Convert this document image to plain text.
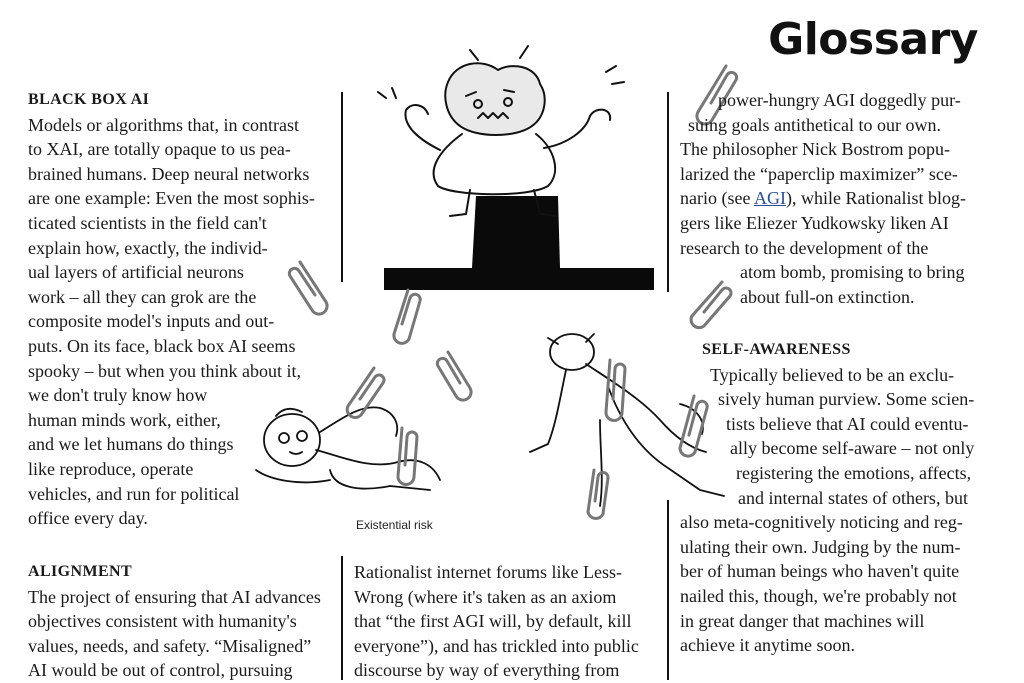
Glossary
Existential risk
BLACK BOX AI

Models or algorithms that, in contrast

to XAI, are totally opaque to us pea-

brained humans. Deep neural networks

are one example: Even the most sophis-

ticated scientists in the field can't

explain how, exactly, the individ-

ual layers of artificial neurons

work – all they can grok are the

composite model's inputs and out-

puts. On its face, black box AI seems

spooky – but when you think about it,

we don't truly know how

human minds work, either,

and we let humans do things

like reproduce, operate

vehicles, and run for political

office every day.

ALIGNMENT

The project of ensuring that AI advances

objectives consistent with humanity's

values, needs, and safety. “Misaligned”

AI would be out of control, pursuing

Rationalist internet forums like Less-

Wrong (where it's taken as an axiom

that “the first AGI will, by default, kill

everyone”), and has trickled into public

discourse by way of everything from

power-hungry AGI doggedly pur-

suing goals antithetical to our own.

The philosopher Nick Bostrom popu-

larized the “paperclip maximizer” sce-

nario (see AGI), while Rationalist blog-

gers like Eliezer Yudkowsky liken AI

research to the development of the

atom bomb, promising to bring

about full-on extinction.

SELF-AWARENESS

Typically believed to be an exclu-

sively human purview. Some scien-

tists believe that AI could eventu-

ally become self-aware – not only

registering the emotions, affects,

and internal states of others, but

also meta-cognitively noticing and reg-

ulating their own. Judging by the num-

ber of human beings who haven't quite

nailed this, though, we're probably not

in great danger that machines will

achieve it anytime soon.
